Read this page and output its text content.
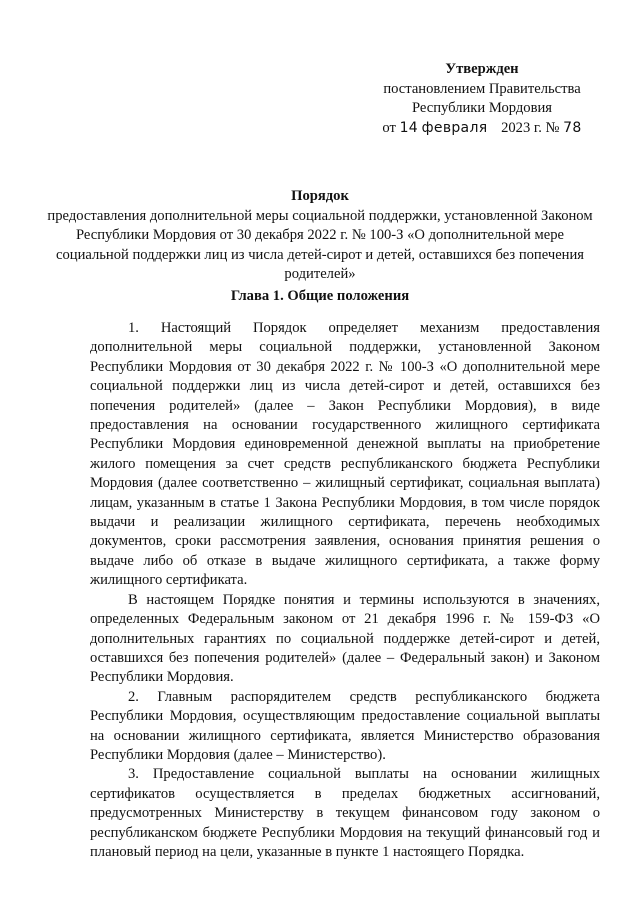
Утвержден
постановлением Правительства
Республики Мордовия
от 14 февраля 2023 г. № 78
Порядок
предоставления дополнительной меры социальной поддержки, установленной Законом Республики Мордовия от 30 декабря 2022 г. № 100-З «О дополнительной мере социальной поддержки лиц из числа детей-сирот и детей, оставшихся без попечения родителей»
Глава 1. Общие положения

1. Настоящий Порядок определяет механизм предоставления дополнительной меры социальной поддержки, установленной Законом Республики Мордовия от 30 декабря 2022 г. № 100-З «О дополнительной мере социальной поддержки лиц из числа детей-сирот и детей, оставшихся без попечения родителей» (далее – Закон Республики Мордовия), в виде предоставления на основании государственного жилищного сертификата Республики Мордовия единовременной денежной выплаты на приобретение жилого помещения за счет средств республиканского бюджета Республики Мордовия (далее соответственно – жилищный сертификат, социальная выплата) лицам, указанным в статье 1 Закона Республики Мордовия, в том числе порядок выдачи и реализации жилищного сертификата, перечень необходимых документов, сроки рассмотрения заявления, основания принятия решения о выдаче либо об отказе в выдаче жилищного сертификата, а также форму жилищного сертификата.

В настоящем Порядке понятия и термины используются в значениях, определенных Федеральным законом от 21 декабря 1996 г. № 159-ФЗ «О дополнительных гарантиях по социальной поддержке детей-сирот и детей, оставшихся без попечения родителей» (далее – Федеральный закон) и Законом Республики Мордовия.

2. Главным распорядителем средств республиканского бюджета Республики Мордовия, осуществляющим предоставление социальной выплаты на основании жилищного сертификата, является Министерство образования Республики Мордовия (далее – Министерство).

3. Предоставление социальной выплаты на основании жилищных сертификатов осуществляется в пределах бюджетных ассигнований, предусмотренных Министерству в текущем финансовом году законом о республиканском бюджете Республики Мордовия на текущий финансовый год и плановый период на цели, указанные в пункте 1 настоящего Порядка.
